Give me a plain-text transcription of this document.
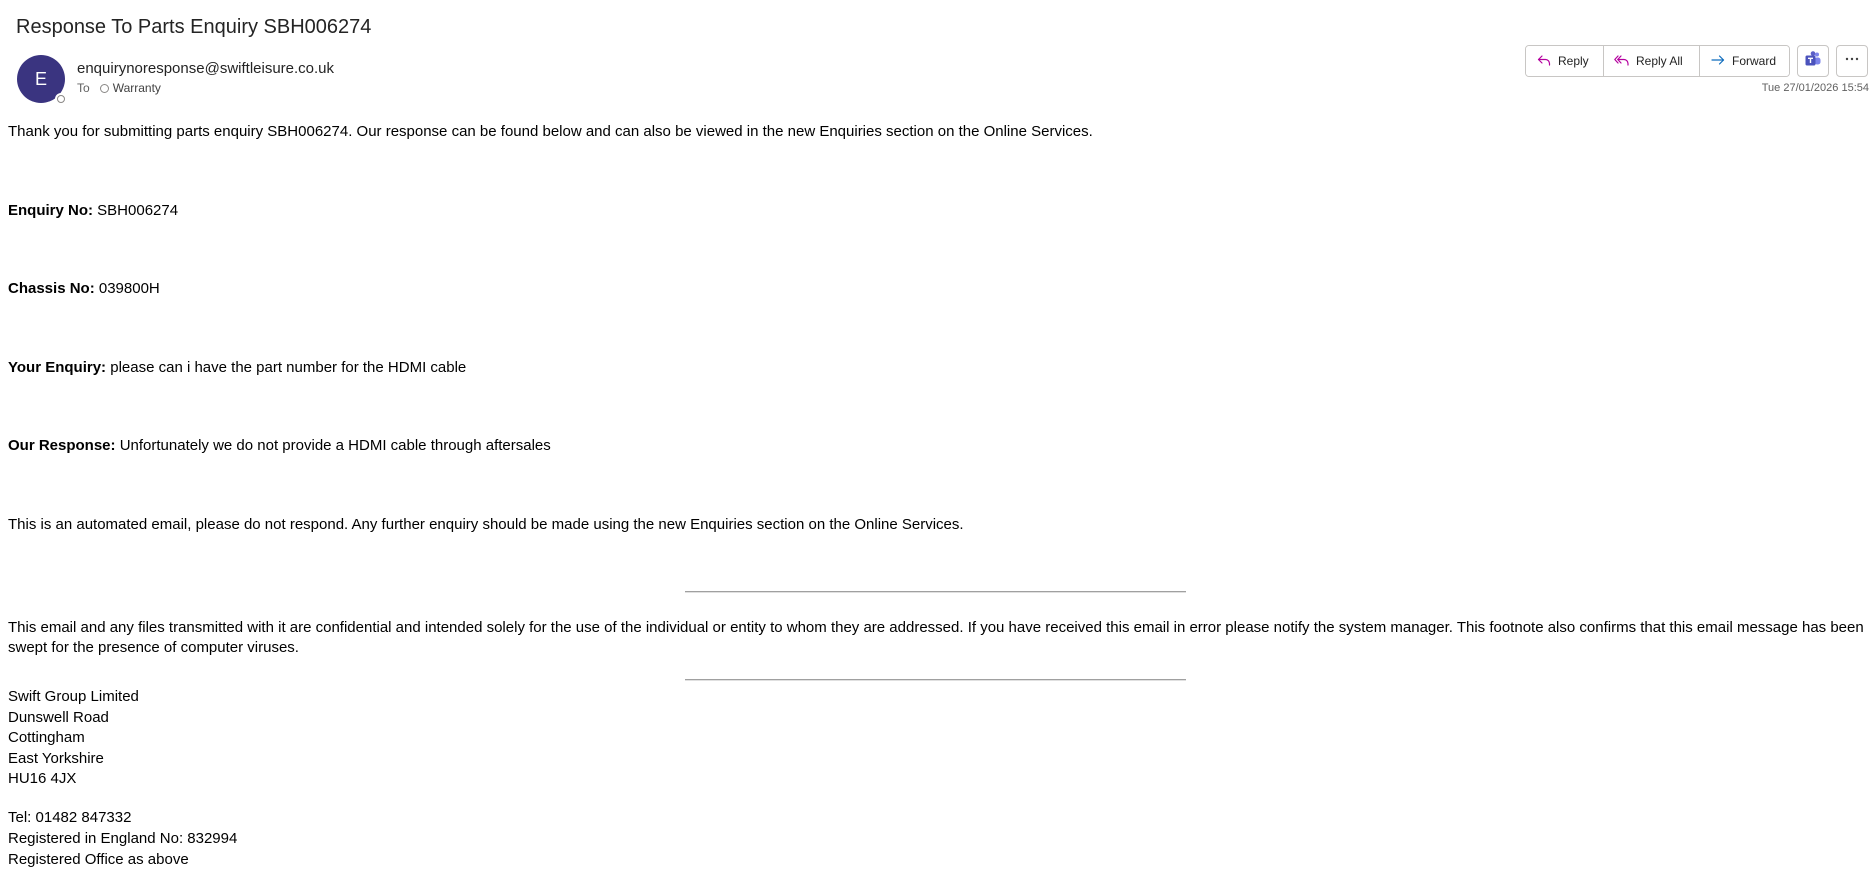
Response To Parts Enquiry SBH006274
E enquirynoresponse@swiftleisure.co.uk
To Warranty
Reply	Reply All	Forward
Tue 27/01/2026 15:54
Thank you for submitting parts enquiry SBH006274. Our response can be found below and can also be viewed in the new Enquiries section on the Online Services.
Enquiry No: SBH006274
Chassis No: 039800H
Your Enquiry: please can i have the part number for the HDMI cable
Our Response: Unfortunately we do not provide a HDMI cable through aftersales
This is an automated email, please do not respond. Any further enquiry should be made using the new Enquiries section on the Online Services.
This email and any files transmitted with it are confidential and intended solely for the use of the individual or entity to whom they are addressed. If you have received this email in error please notify the system manager. This footnote also confirms that this email message has been swept for the presence of computer viruses.
Swift Group Limited
Dunswell Road
Cottingham
East Yorkshire
HU16 4JX
Tel: 01482 847332
Registered in England No: 832994
Registered Office as above
